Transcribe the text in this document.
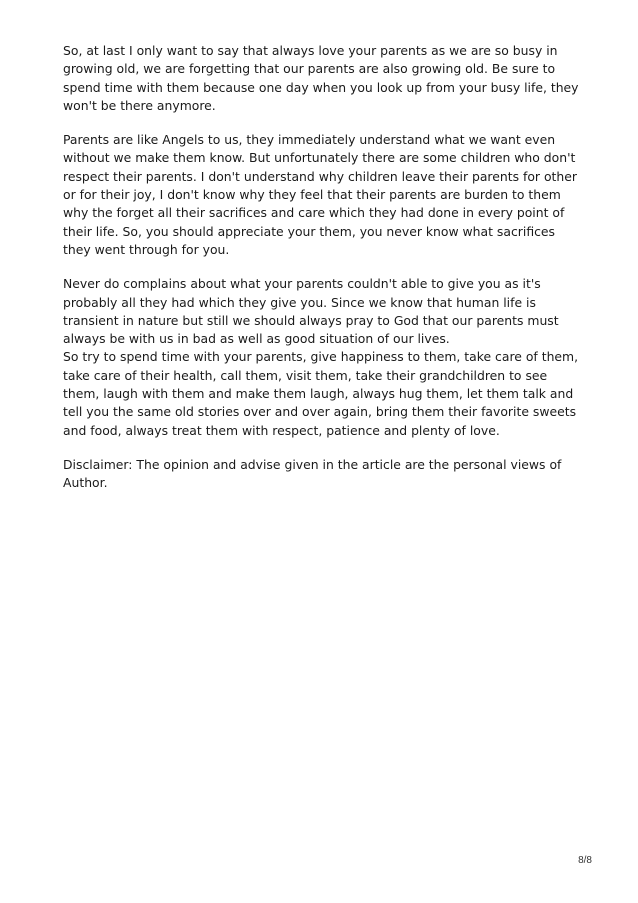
So, at last I only want to say that always love your parents as we are so busy in growing old, we are forgetting that our parents are also growing old. Be sure to spend time with them because one day when you look up from your busy life, they won't be there anymore.

Parents are like Angels to us, they immediately understand what we want even without we make them know. But unfortunately there are some children who don't respect their parents. I don't understand why children leave their parents for other or for their joy, I don't know why they feel that their parents are burden to them why the forget all their sacrifices and care which they had done in every point of their life. So, you should appreciate your them, you never know what sacrifices they went through for you.

Never do complains about what your parents couldn't able to give you as it's probably all they had which they give you. Since we know that human life is transient in nature but still we should always pray to God that our parents must always be with us in bad as well as good situation of our lives.

So try to spend time with your parents, give happiness to them, take care of them, take care of their health, call them, visit them, take their grandchildren to see them, laugh with them and make them laugh, always hug them, let them talk and tell you the same old stories over and over again, bring them their favorite sweets and food, always treat them with respect, patience and plenty of love.

Disclaimer: The opinion and advise given in the article are the personal views of Author.

8/8
